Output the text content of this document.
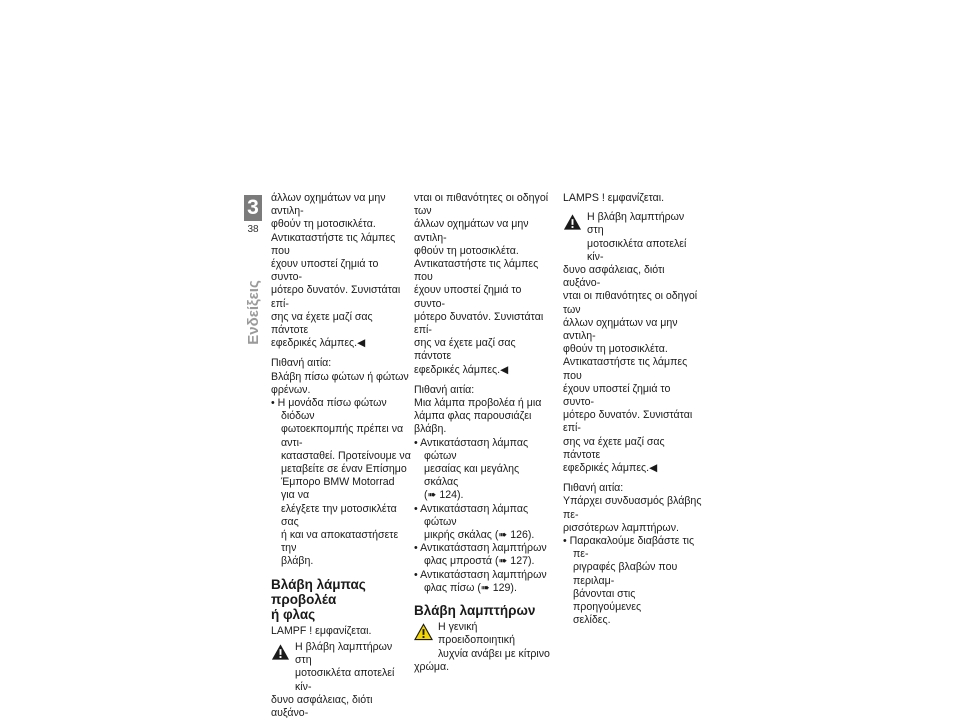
3
38
Ενδείξεις

άλλων οχημάτων να μην αντιλη-

φθούν τη μοτοσικλέτα.

Αντικαταστήστε τις λάμπες που

έχουν υποστεί ζημιά το συντο-

μότερο δυνατόν. Συνιστάται επί-

σης να έχετε μαζί σας πάντοτε

εφεδρικές λάμπες.◀

Πιθανή αιτία:

Βλάβη πίσω φώτων ή φώτων

φρένων.

• Η μονάδα πίσω φώτων διόδων

φωτοεκπομπής πρέπει να αντι-

κατασταθεί. Προτείνουμε να

μεταβείτε σε έναν Επίσημο

Έμπορο BMW Motorrad για να

ελέγξετε την μοτοσικλέτα σας

ή και να αποκαταστήσετε την

βλάβη.

Βλάβη λάμπας προβολέα
ή φλας

LAMPF ! εμφανίζεται.

Η βλάβη λαμπτήρων στη

μοτοσικλέτα αποτελεί κίν-

δυνο ασφάλειας, διότι αυξάνο-

νται οι πιθανότητες οι οδηγοί των

άλλων οχημάτων να μην αντιλη-

φθούν τη μοτοσικλέτα.

Αντικαταστήστε τις λάμπες που

έχουν υποστεί ζημιά το συντο-

μότερο δυνατόν. Συνιστάται επί-

σης να έχετε μαζί σας πάντοτε

εφεδρικές λάμπες.◀

Πιθανή αιτία:

Μια λάμπα προβολέα ή μια

λάμπα φλας παρουσιάζει βλάβη.

• Αντικατάσταση λάμπας φώτων

μεσαίας και μεγάλης σκάλας

(➠ 124).

• Αντικατάσταση λάμπας φώτων

μικρής σκάλας (➠ 126).

• Αντικατάσταση λαμπτήρων

φλας μπροστά (➠ 127).

• Αντικατάσταση λαμπτήρων

φλας πίσω (➠ 129).

Βλάβη λαμπτήρων

Η γενική προειδοποιητική

λυχνία ανάβει με κίτρινο

χρώμα.

LAMPS ! εμφανίζεται.

Η βλάβη λαμπτήρων στη

μοτοσικλέτα αποτελεί κίν-

δυνο ασφάλειας, διότι αυξάνο-

νται οι πιθανότητες οι οδηγοί των

άλλων οχημάτων να μην αντιλη-

φθούν τη μοτοσικλέτα.

Αντικαταστήστε τις λάμπες που

έχουν υποστεί ζημιά το συντο-

μότερο δυνατόν. Συνιστάται επί-

σης να έχετε μαζί σας πάντοτε

εφεδρικές λάμπες.◀

Πιθανή αιτία:

Υπάρχει συνδυασμός βλάβης πε-

ρισσότερων λαμπτήρων.

• Παρακαλούμε διαβάστε τις πε-

ριγραφές βλαβών που περιλαμ-

βάνονται στις προηγούμενες

σελίδες.
